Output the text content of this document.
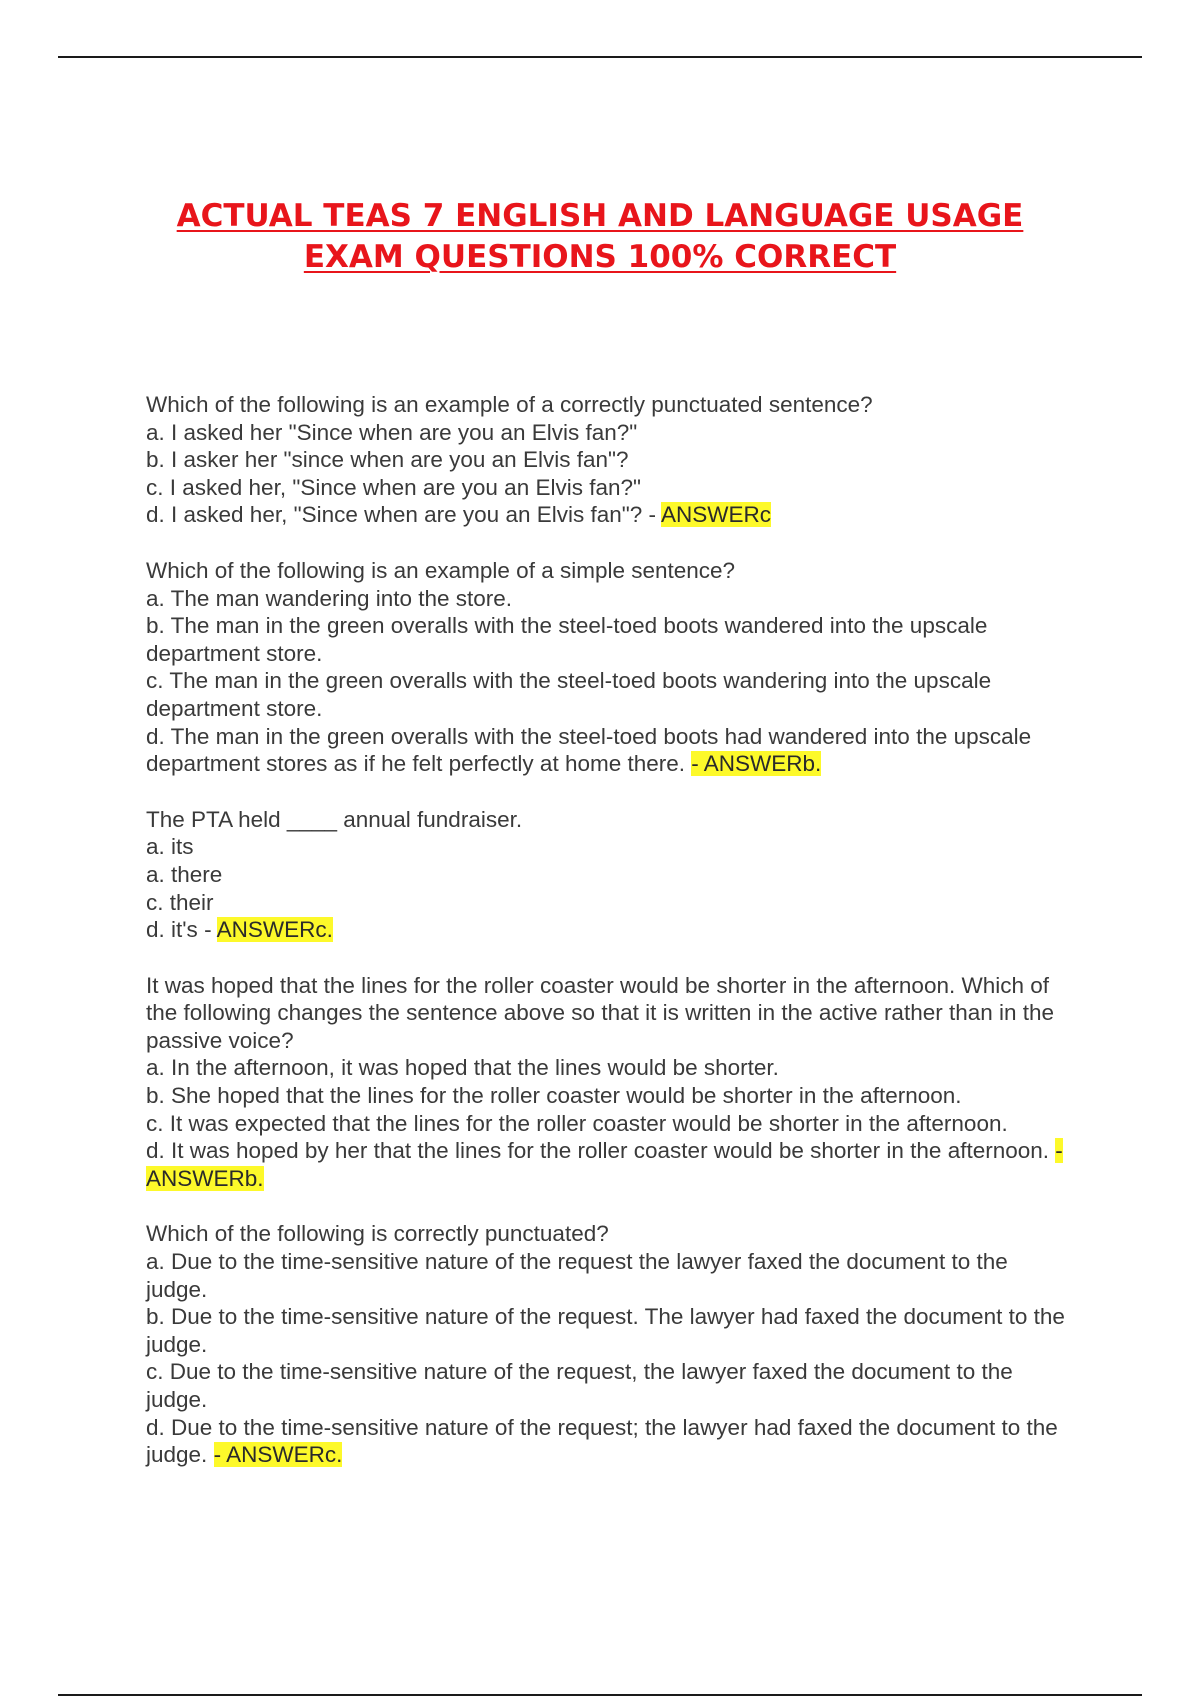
ACTUAL TEAS 7 ENGLISH AND LANGUAGE USAGE
EXAM QUESTIONS 100% CORRECT
Which of the following is an example of a correctly punctuated sentence?
a. I asked her "Since when are you an Elvis fan?"
b. I asker her "since when are you an Elvis fan"?
c. I asked her, "Since when are you an Elvis fan?"
d. I asked her, "Since when are you an Elvis fan"? - ANSWERc
Which of the following is an example of a simple sentence?
a. The man wandering into the store.
b. The man in the green overalls with the steel-toed boots wandered into the upscale department store.
c. The man in the green overalls with the steel-toed boots wandering into the upscale department store.
d. The man in the green overalls with the steel-toed boots had wandered into the upscale department stores as if he felt perfectly at home there. - ANSWERb.
The PTA held ____ annual fundraiser.
a. its
a. there
c. their
d. it's - ANSWERc.
It was hoped that the lines for the roller coaster would be shorter in the afternoon. Which of the following changes the sentence above so that it is written in the active rather than in the passive voice?
a. In the afternoon, it was hoped that the lines would be shorter.
b. She hoped that the lines for the roller coaster would be shorter in the afternoon.
c. It was expected that the lines for the roller coaster would be shorter in the afternoon.
d. It was hoped by her that the lines for the roller coaster would be shorter in the afternoon. - ANSWERb.
Which of the following is correctly punctuated?
a. Due to the time-sensitive nature of the request the lawyer faxed the document to the judge.
b. Due to the time-sensitive nature of the request. The lawyer had faxed the document to the judge.
c. Due to the time-sensitive nature of the request, the lawyer faxed the document to the judge.
d. Due to the time-sensitive nature of the request; the lawyer had faxed the document to the judge. - ANSWERc.
